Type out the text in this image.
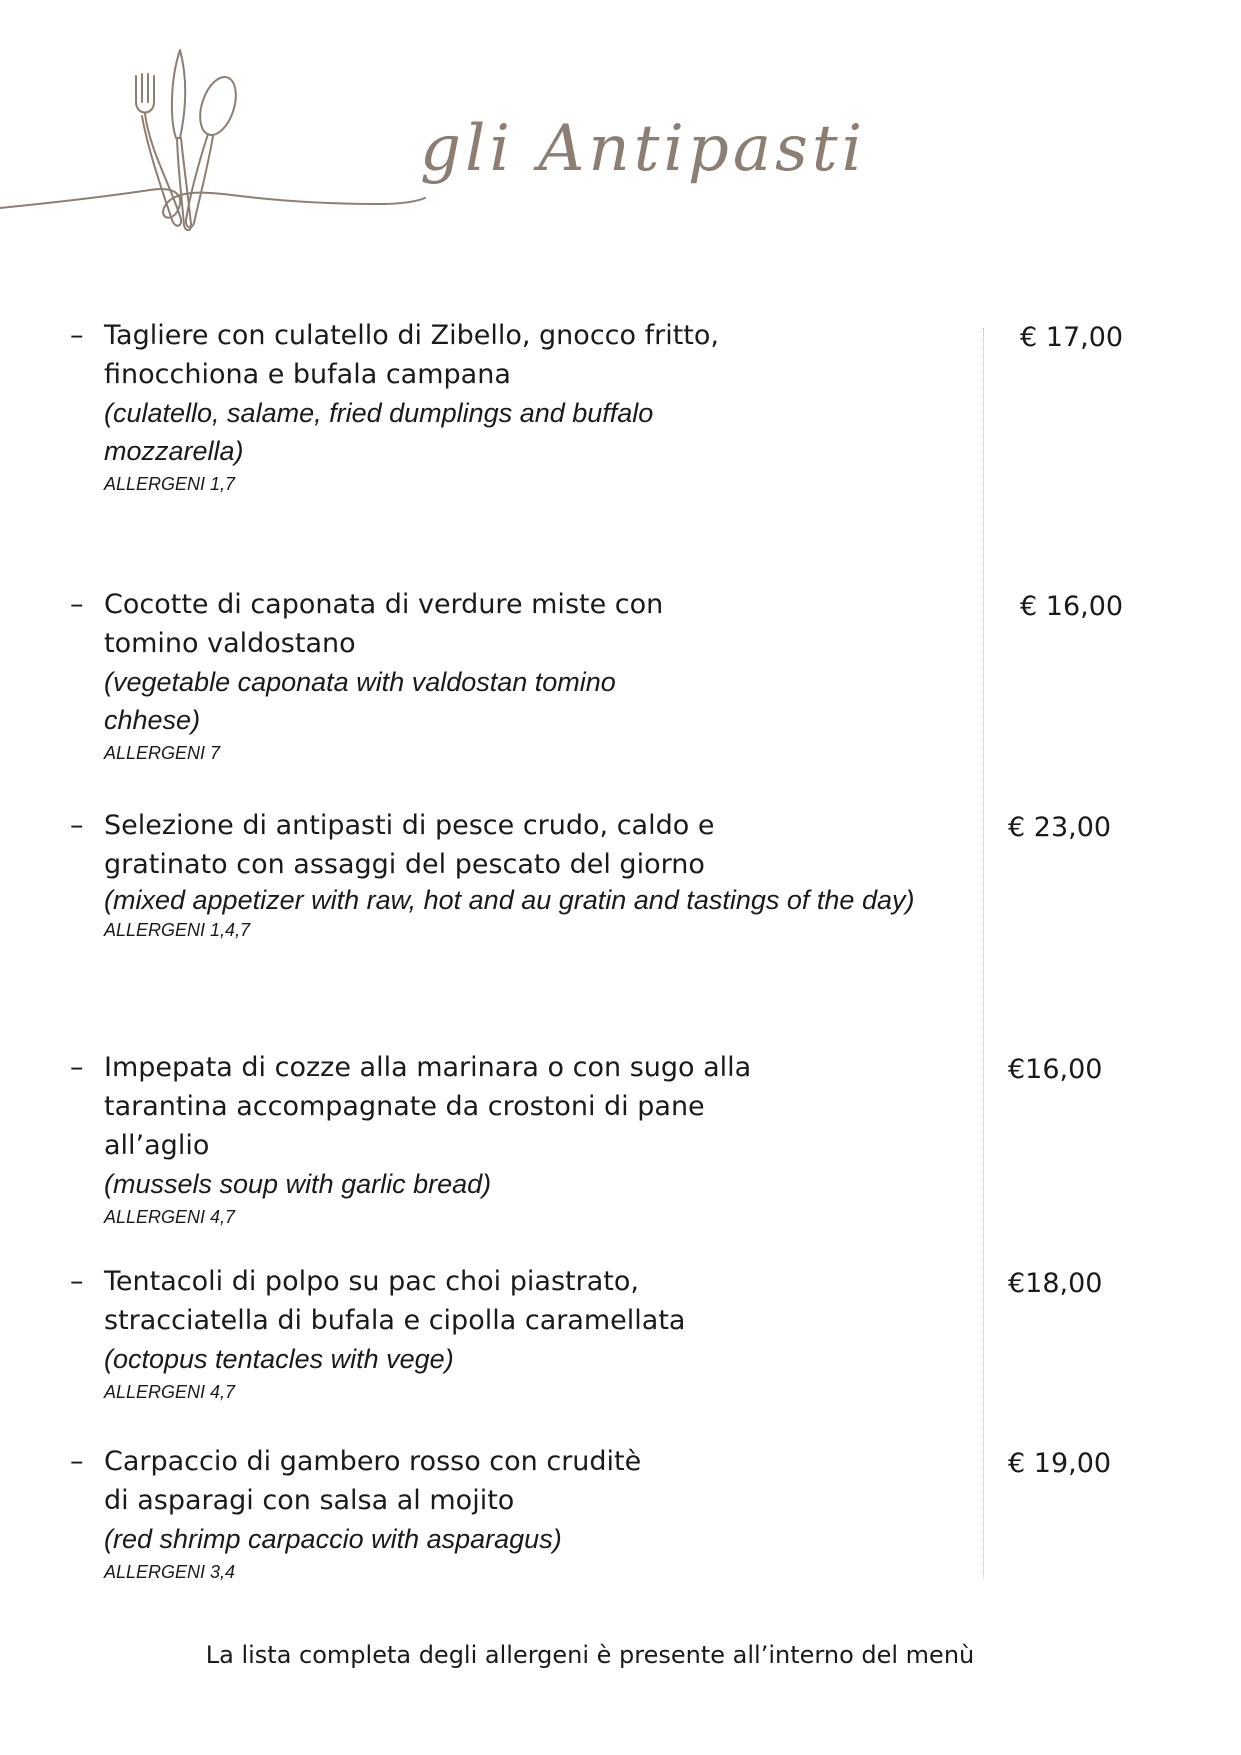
gli Antipasti
– Tagliere con culatello di Zibello, gnocco fritto, finocchiona e bufala campana
(culatello, salame, fried dumplings and buffalo mozzarella)
ALLERGENI 1,7
€ 17,00
– Cocotte di caponata di verdure miste con tomino valdostano
(vegetable caponata with valdostan tomino chhese)
ALLERGENI 7
€ 16,00
– Selezione di antipasti di pesce crudo, caldo e gratinato con assaggi del pescato del giorno
(mixed appetizer with raw, hot and au gratin and tastings of the day)
ALLERGENI 1,4,7
€ 23,00
– Impepata di cozze alla marinara o con sugo alla tarantina accompagnate da crostoni di pane all’aglio
(mussels soup with garlic bread)
ALLERGENI 4,7
€16,00
– Tentacoli di polpo su pac choi piastrato, stracciatella di bufala e cipolla caramellata
(octopus tentacles with vege)
ALLERGENI 4,7
€18,00
– Carpaccio di gambero rosso con cruditè di asparagi con salsa al mojito
(red shrimp carpaccio with asparagus)
ALLERGENI 3,4
€ 19,00
La lista completa degli allergeni è presente all’interno del menù
